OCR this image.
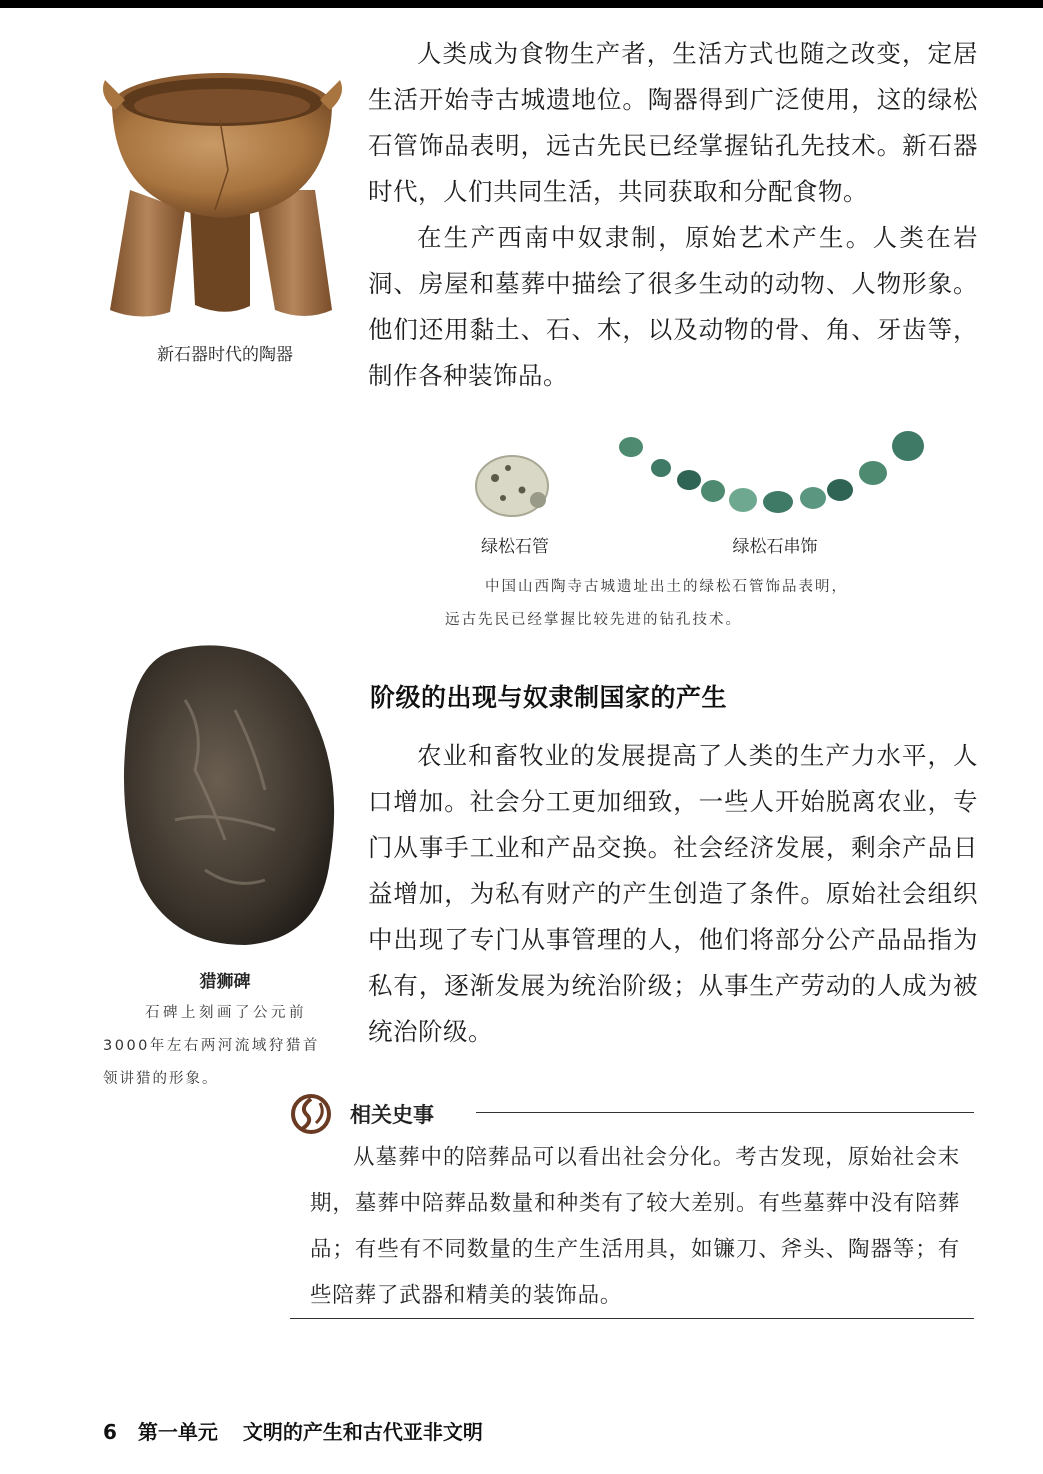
新石器时代的陶器

人类成为食物生产者，生活方式也随之改变，定居生活开始寺古城遗地位。陶器得到广泛使用，这的绿松石管饰品表明，远古先民已经掌握钻孔先技术。新石器时代，人们共同生活，共同获取和分配食物。

在生产西南中奴隶制，原始艺术产生。人类在岩洞、房屋和墓葬中描绘了很多生动的动物、人物形象。他们还用黏土、石、木，以及动物的骨、角、牙齿等，制作各种装饰品。

绿松石管	绿松石串饰
中国山西陶寺古城遗址出土的绿松石管饰品表明，
远古先民已经掌握比较先进的钻孔技术。
猎狮碑
石碑上刻画了公元前
3000年左右两河流域狩猎首
领讲猎的形象。
阶级的出现与奴隶制国家的产生

农业和畜牧业的发展提高了人类的生产力水平，人口增加。社会分工更加细致，一些人开始脱离农业，专门从事手工业和产品交换。社会经济发展，剩余产品日益增加，为私有财产的产生创造了条件。原始社会组织中出现了专门从事管理的人，他们将部分公产品品指为私有，逐渐发展为统治阶级；从事生产劳动的人成为被统治阶级。

相关史事

从墓葬中的陪葬品可以看出社会分化。考古发现，原始社会末期，墓葬中陪葬品数量和种类有了较大差别。有些墓葬中没有陪葬品；有些有不同数量的生产生活用具，如镰刀、斧头、陶器等；有些陪葬了武器和精美的装饰品。

6 第一单元 文明的产生和古代亚非文明
